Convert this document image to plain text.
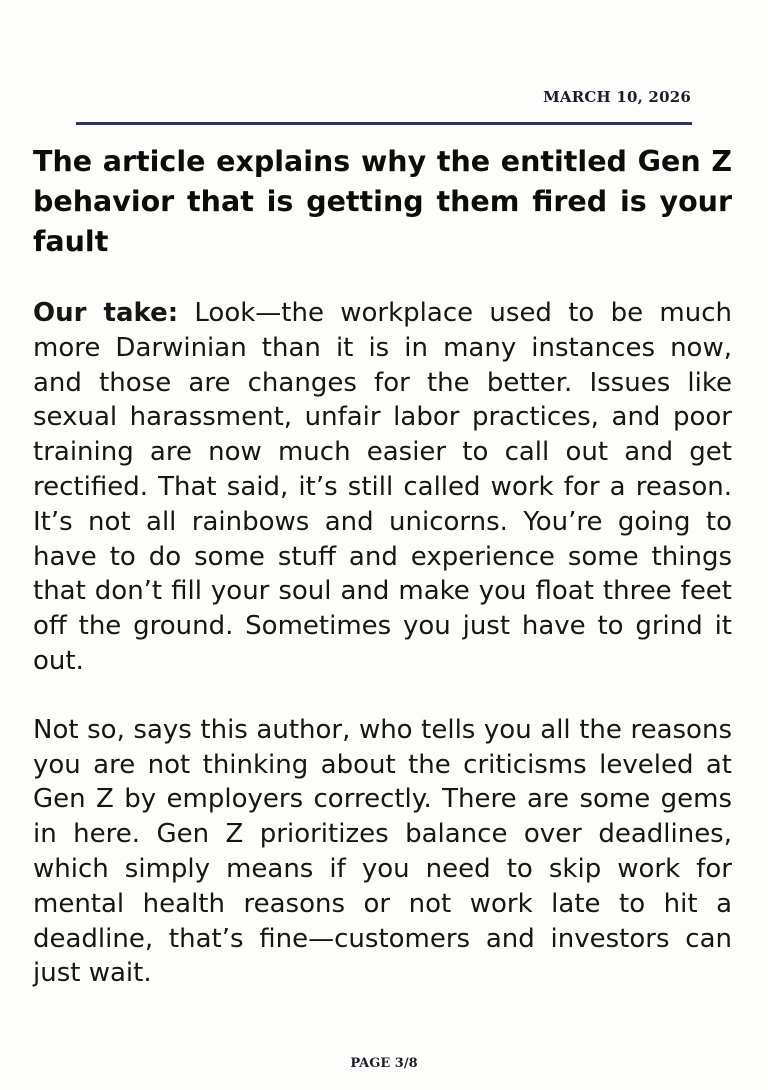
MARCH 10, 2026
The article explains why the entitled Gen Z behavior that is getting them fired is your fault

Our take: Look—the workplace used to be much more Darwinian than it is in many instances now, and those are changes for the better. Issues like sexual harassment, unfair labor practices, and poor training are now much easier to call out and get rectified. That said, it’s still called work for a reason. It’s not all rainbows and unicorns. You’re going to have to do some stuff and experience some things that don’t fill your soul and make you float three feet off the ground. Sometimes you just have to grind it out.

Not so, says this author, who tells you all the reasons you are not thinking about the criticisms leveled at Gen Z by employers correctly. There are some gems in here. Gen Z prioritizes balance over deadlines, which simply means if you need to skip work for mental health reasons or not work late to hit a deadline, that’s fine—customers and investors can just wait.

PAGE 3/8
